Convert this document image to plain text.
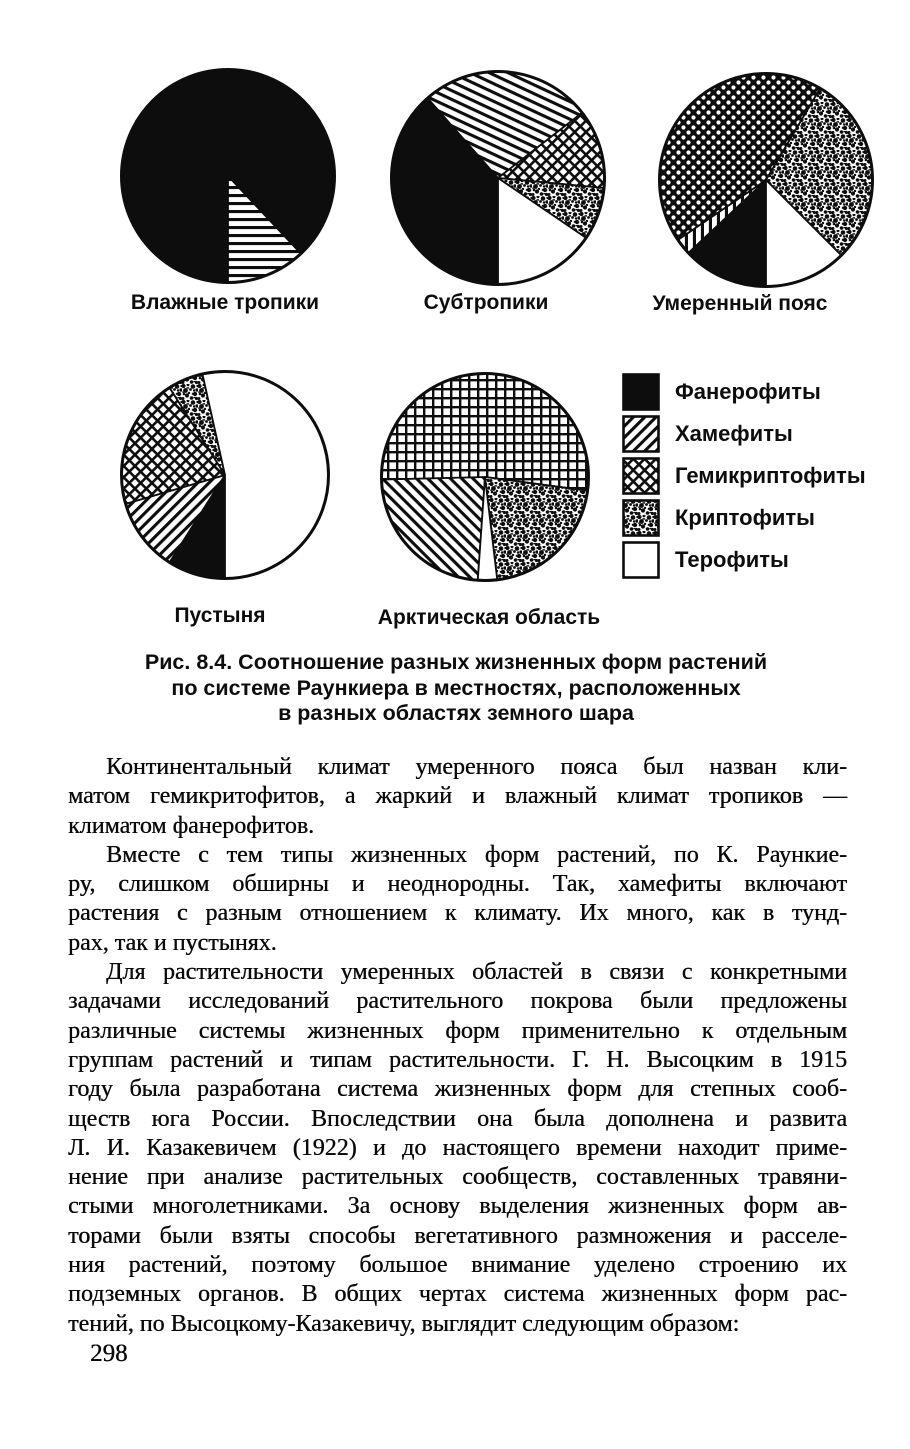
Влажные тропики	Субтропики	Умеренный пояс
Пустыня	Арктическая область
Фанерофиты
Хамефиты
Гемикриптофиты
Криптофиты
Терофиты
Рис. 8.4. Соотношение разных жизненных форм растений
по системе Раункиера в местностях, расположенных
в разных областях земного шара
Континентальный климат умеренного пояса был назван кли-
матом гемикритофитов, а жаркий и влажный климат тропиков —
климатом фанерофитов.
Вместе с тем типы жизненных форм растений, по К. Раункие-
ру, слишком обширны и неоднородны. Так, хамефиты включают
растения с разным отношением к климату. Их много, как в тунд-
рах, так и пустынях.
Для растительности умеренных областей в связи с конкретными
задачами исследований растительного покрова были предложены
различные системы жизненных форм применительно к отдельным
группам растений и типам растительности. Г. Н. Высоцким в 1915
году была разработана система жизненных форм для степных сооб-
ществ юга России. Впоследствии она была дополнена и развита
Л. И. Казакевичем (1922) и до настоящего времени находит приме-
нение при анализе растительных сообществ, составленных травяни-
стыми многолетниками. За основу выделения жизненных форм ав-
торами были взяты способы вегетативного размножения и расселе-
ния растений, поэтому большое внимание уделено строению их
подземных органов. В общих чертах система жизненных форм рас-
тений, по Высоцкому-Казакевичу, выглядит следующим образом:
298
